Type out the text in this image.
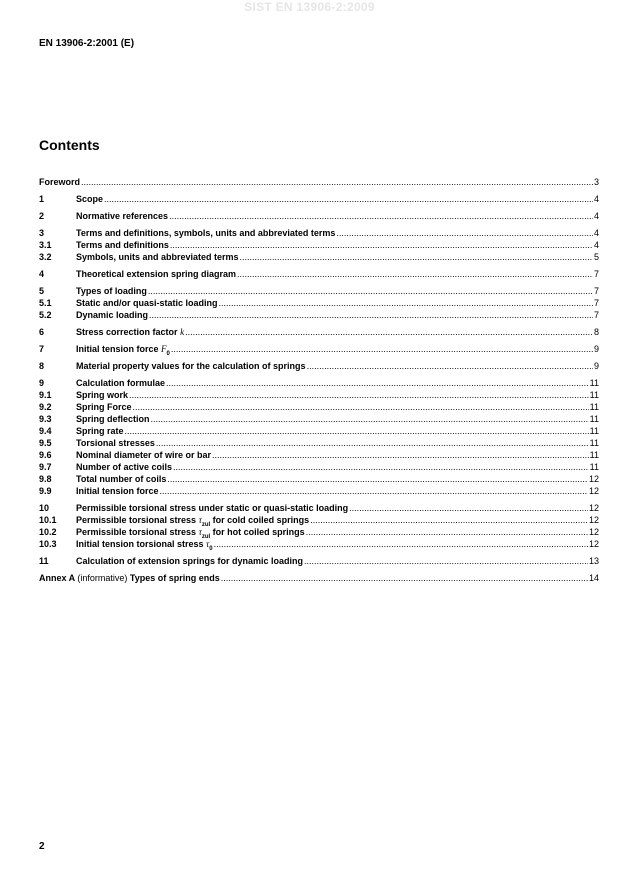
SIST EN 13906-2:2009
EN 13906-2:2001 (E)
Contents
Foreword .....	3
1	Scope .....	4
2	Normative references .....	4
3	Terms and definitions, symbols, units and abbreviated terms .....	4
3.1	Terms and definitions .....	4
3.2	Symbols, units and abbreviated terms .....	5
4	Theoretical extension spring diagram .....	7
5	Types of loading .....	7
5.1	Static and/or quasi-static loading .....	7
5.2	Dynamic loading .....	7
6	Stress correction factor k .....	8
7	Initial tension force $F_0$ .....	9
8	Material property values for the calculation of springs .....	9
9	Calculation formulae .....	11
9.1	Spring work .....	11
9.2	Spring Force .....	11
9.3	Spring deflection .....	11
9.4	Spring rate .....	11
9.5	Torsional stresses .....	11
9.6	Nominal diameter of wire or bar .....	11
9.7	Number of active coils .....	11
9.8	Total number of coils .....	12
9.9	Initial tension force .....	12
10	Permissible torsional stress under static or quasi-static loading .....	12
10.1	Permissible torsional stress $\tau_{zul}$ for cold coiled springs .....	12
10.2	Permissible torsional stress $\tau_{zul}$ for hot coiled springs .....	12
10.3	Initial tension torsional stress $\tau_0$ .....	12
11	Calculation of extension springs for dynamic loading .....	13
Annex A (informative) Types of spring ends .....	14
2
